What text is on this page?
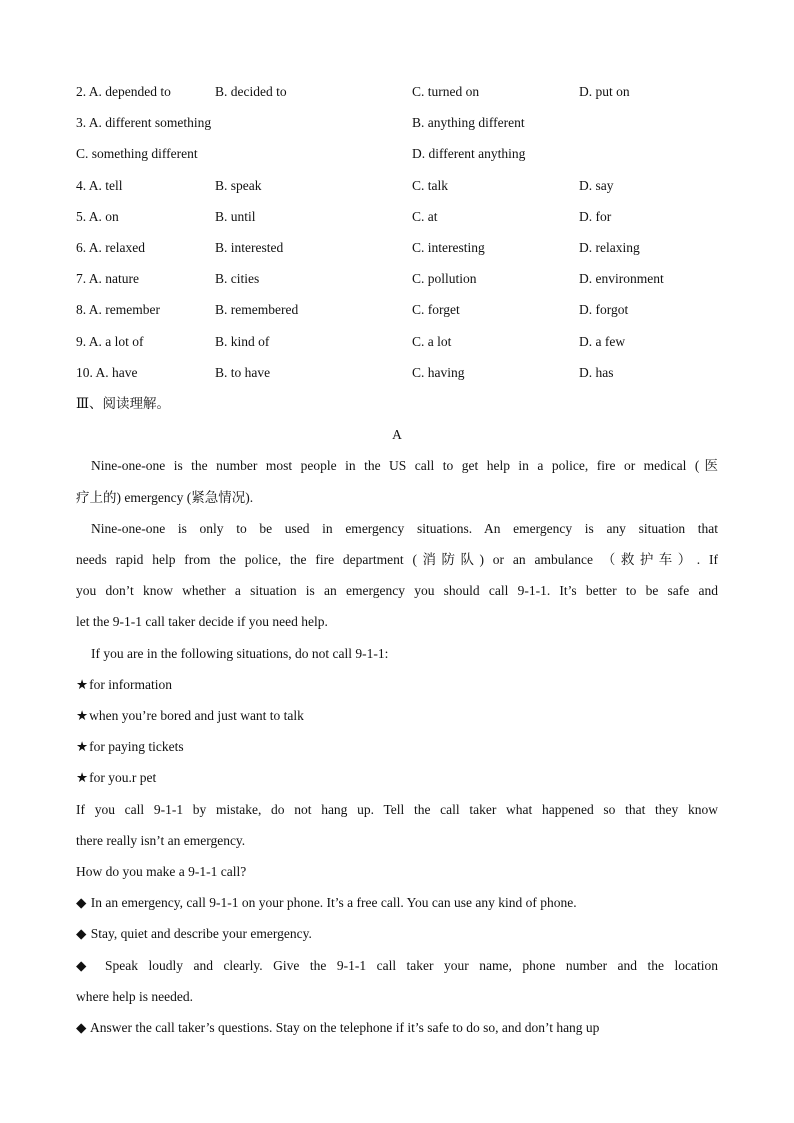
2. A. depended to	B. decided to	C. turned on	D. put on
3. A. different something	B. anything different
C. something different	D. different anything
4. A. tell	B. speak	C. talk	D. say
5. A. on	B. until	C. at	D. for
6. A. relaxed	B. interested	C. interesting	D. relaxing
7. A. nature	B. cities	C. pollution	D. environment
8. A. remember	B. remembered	C. forget	D. forgot
9. A. a lot of	B. kind of	C. a lot	D. a few
10. A. have	B. to have	C. having	D. has
Ⅲ、阅读理解。
A
Nine-one-one is the number most people in the US call to get help in a police, fire or medical (医
疗上的) emergency (紧急情况).
Nine-one-one is only to be used in emergency situations. An emergency is any situation that
needs rapid help from the police, the fire department (消防队) or an ambulance （救护车）. If
you don’t know whether a situation is an emergency you should call 9-1-1. It’s better to be safe and
let the 9-1-1 call taker decide if you need help.
If you are in the following situations, do not call 9-1-1:
★for information
★when you’re bored and just want to talk
★for paying tickets
★for you.r pet
If you call 9-1-1 by mistake, do not hang up. Tell the call taker what happened so that they know
there really isn’t an emergency.
How do you make a 9-1-1 call?
◆ In an emergency, call 9-1-1 on your phone. It’s a free call. You can use any kind of phone.
◆ Stay, quiet and describe your emergency.
◆ Speak loudly and clearly. Give the 9-1-1 call taker your name, phone number and the location
where help is needed.
◆ Answer the call taker’s questions. Stay on the telephone if it’s safe to do so, and don’t hang up
